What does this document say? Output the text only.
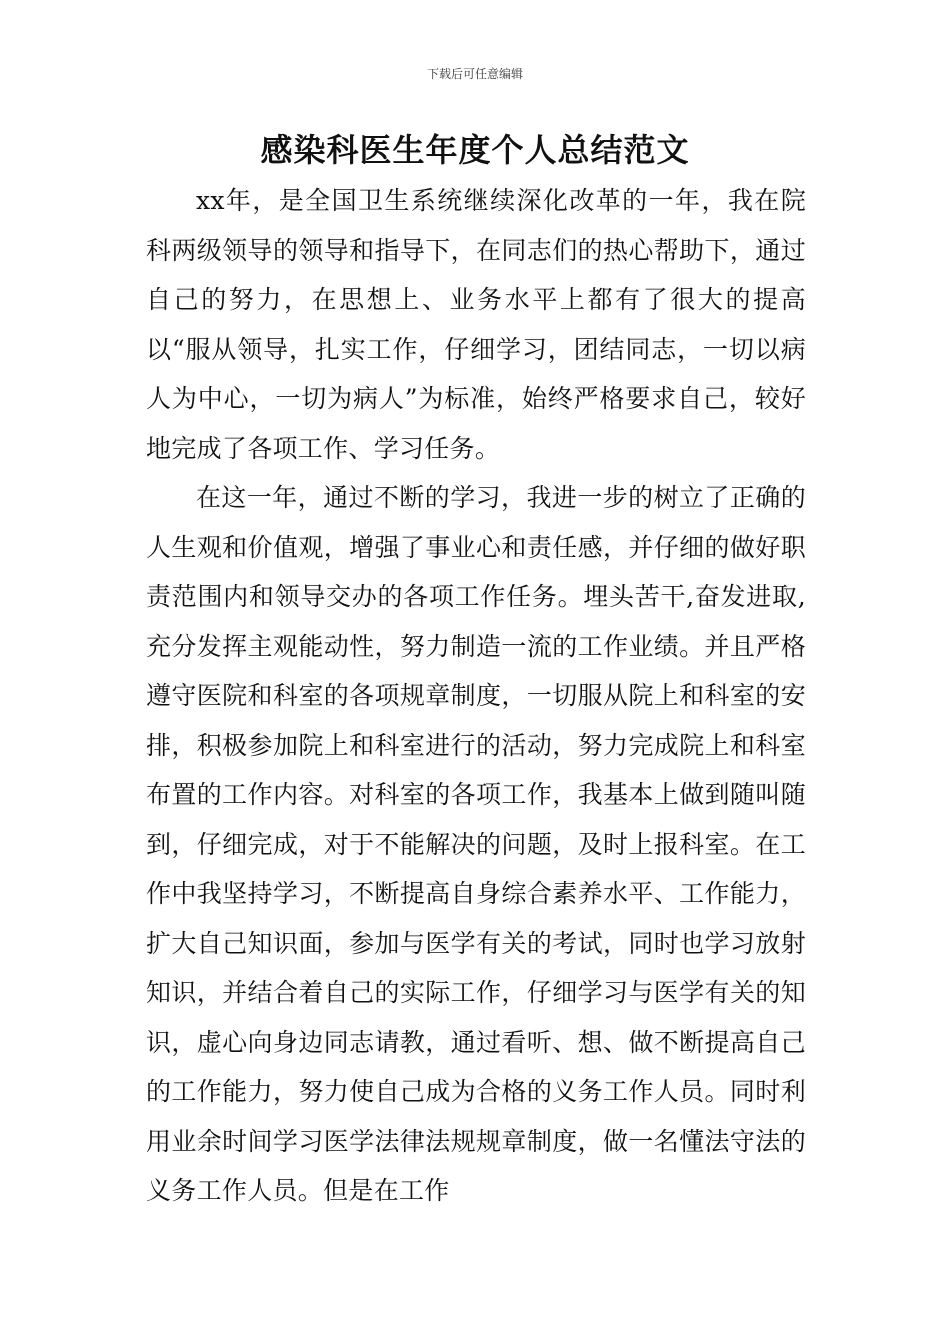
下载后可任意编辑
感染科医生年度个人总结范文

xx年，是全国卫生系统继续深化改革的一年，我在院科两级领导的领导和指导下，在同志们的热心帮助下，通过自己的努力，在思想上、业务水平上都有了很大的提高以“服从领导，扎实工作，仔细学习，团结同志，一切以病人为中心，一切为病人”为标准，始终严格要求自己，较好地完成了各项工作、学习任务。

在这一年，通过不断的学习，我进一步的树立了正确的人生观和价值观，增强了事业心和责任感，并仔细的做好职责范围内和领导交办的各项工作任务。埋头苦干,奋发进取,充分发挥主观能动性，努力制造一流的工作业绩。并且严格遵守医院和科室的各项规章制度，一切服从院上和科室的安排，积极参加院上和科室进行的活动，努力完成院上和科室布置的工作内容。对科室的各项工作，我基本上做到随叫随到，仔细完成，对于不能解决的问题，及时上报科室。在工作中我坚持学习，不断提高自身综合素养水平、工作能力，扩大自己知识面，参加与医学有关的考试，同时也学习放射知识，并结合着自己的实际工作，仔细学习与医学有关的知识，虚心向身边同志请教，通过看听、想、做不断提高自己的工作能力，努力使自己成为合格的义务工作人员。同时利用业余时间学习医学法律法规规章制度，做一名懂法守法的义务工作人员。但是在工作
